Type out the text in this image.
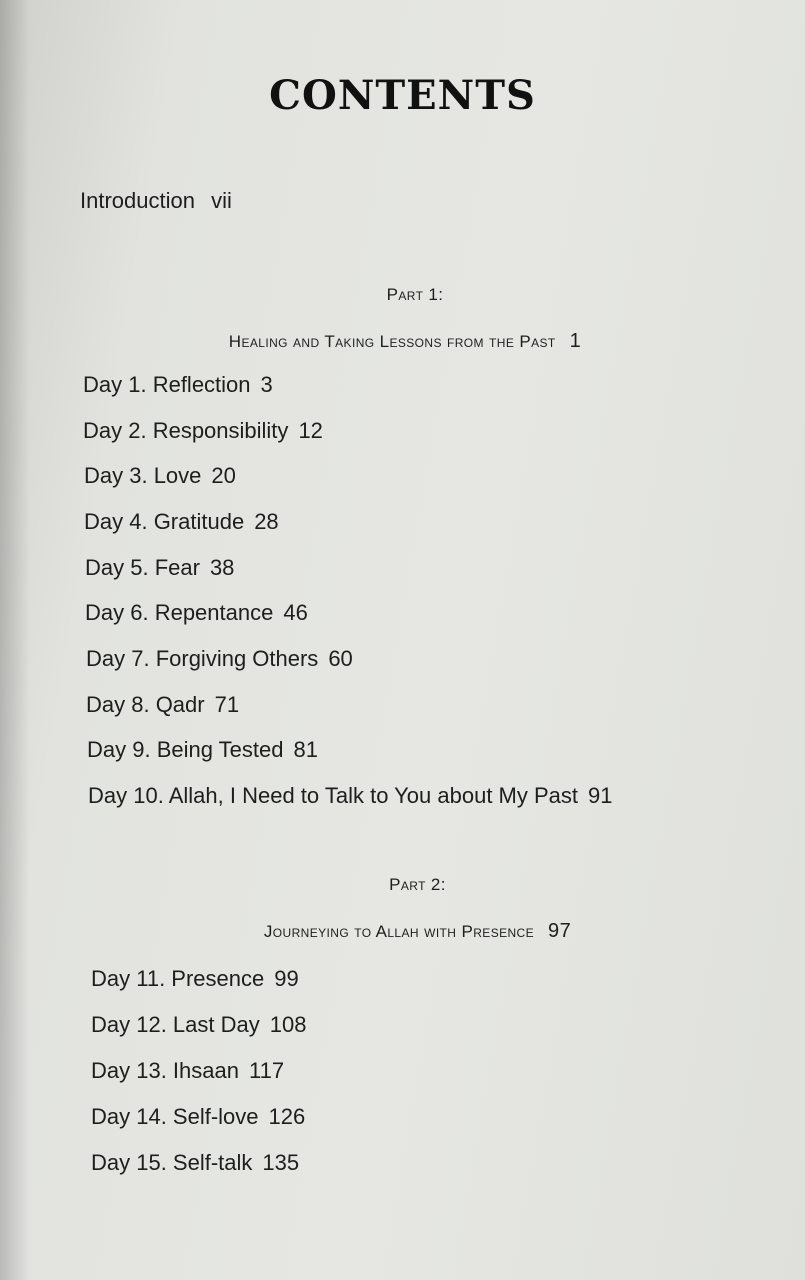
CONTENTS
Introduction vii
Part 1:
Healing and Taking Lessons from the Past 1
Day 1. Reflection 3
Day 2. Responsibility 12
Day 3. Love 20
Day 4. Gratitude 28
Day 5. Fear 38
Day 6. Repentance 46
Day 7. Forgiving Others 60
Day 8. Qadr 71
Day 9. Being Tested 81
Day 10. Allah, I Need to Talk to You about My Past 91
Part 2:
Journeying to Allah with Presence 97
Day 11. Presence 99
Day 12. Last Day 108
Day 13. Ihsaan 117
Day 14. Self-love 126
Day 15. Self-talk 135
